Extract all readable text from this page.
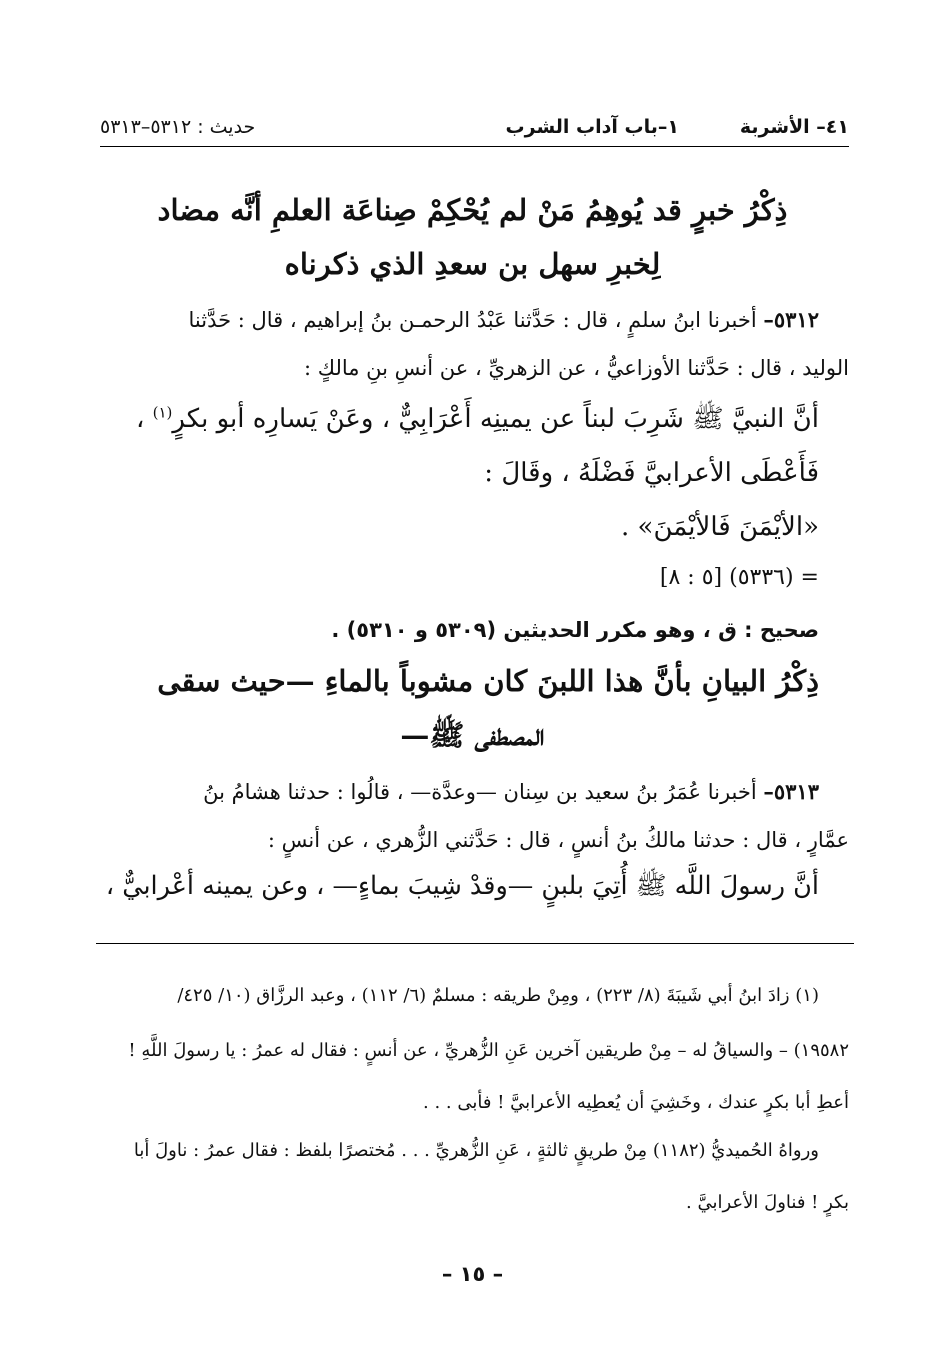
٤١– الأشربة
١–باب آداب الشرب
حديث : ٥٣١٢–٥٣١٣
ذِكْرُ خبرٍ قد يُوهِمُ مَنْ لم يُحْكِمْ صِناعَة العلمِ أنَّه مضاد
لِخبرِ سهل بن سعدِ الذي ذكرناه
٥٣١٢– أخبرنا ابنُ سلمٍ ، قال : حَدَّثنا عَبْدُ الرحمـن بنُ إبراهيم ، قال : حَدَّثنا
الوليد ، قال : حَدَّثنا الأوزاعيُّ ، عن الزهريِّ ، عن أنسِ بنِ مالكٍ :
أنَّ النبيَّ ﷺ شَرِبَ لبناً عن يمينِه أَعْرَابِيٌّ ، وعَنْ يَسارِه أبو بكرٍ$^{(١)}$ ،
فَأَعْطَى الأعرابيَّ فَضْلَهُ ، وقَالَ :
«الأيْمَنَ فَالأيْمَنَ» .
= (٥٣٣٦) [٥ : ٨]
صحيح : ق ، وهو مكرر الحديثين (٥٣٠٩ و ٥٣١٠) .
ذِكْرُ البيانِ بأنَّ هذا اللبنَ كان مشوباً بالماءِ —حيث سقى
المصطفى ﷺ—
٥٣١٣– أخبرنا عُمَرُ بنُ سعيد بن سِنان —وعدَّة— ، قالُوا : حدثنا هشامُ بنُ
عمَّارٍ ، قال : حدثنا مالكُ بنُ أنسٍ ، قال : حَدَّثني الزُّهري ، عن أنسٍ :
أنَّ رسولَ اللَّه ﷺ أُتِيَ بلبنٍ —وقدْ شِيبَ بماءٍ— ، وعن يمينه أعْرابيٌّ ،
(١) زادَ ابنُ أبي شَيبَةَ (٨/ ٢٢٣) ، ومِنْ طريقه : مسلمٌ (٦/ ١١٢) ، وعبد الرزَّاق (١٠/ ٤٢٥/
١٩٥٨٢) – والسياقُ له – مِنْ طريقين آخرين عَنِ الزُّهريِّ ، عن أنسٍ : فقال له عمرُ : يا رسولَ اللَّهِ !
أعطِ أبا بكرٍ عندك ، وخَشِيَ أن يُعطِيه الأعرابيَّ ! فأبى . . .
ورواهُ الحُميديُّ (١١٨٢) مِنْ طريقٍ ثالثةٍ ، عَنِ الزُّهريِّ . . . مُختصرًا بلفظ : فقال عمرُ : ناولَ أبا
بكرٍ ! فناولَ الأعرابيَّ .
– ١٥ –
